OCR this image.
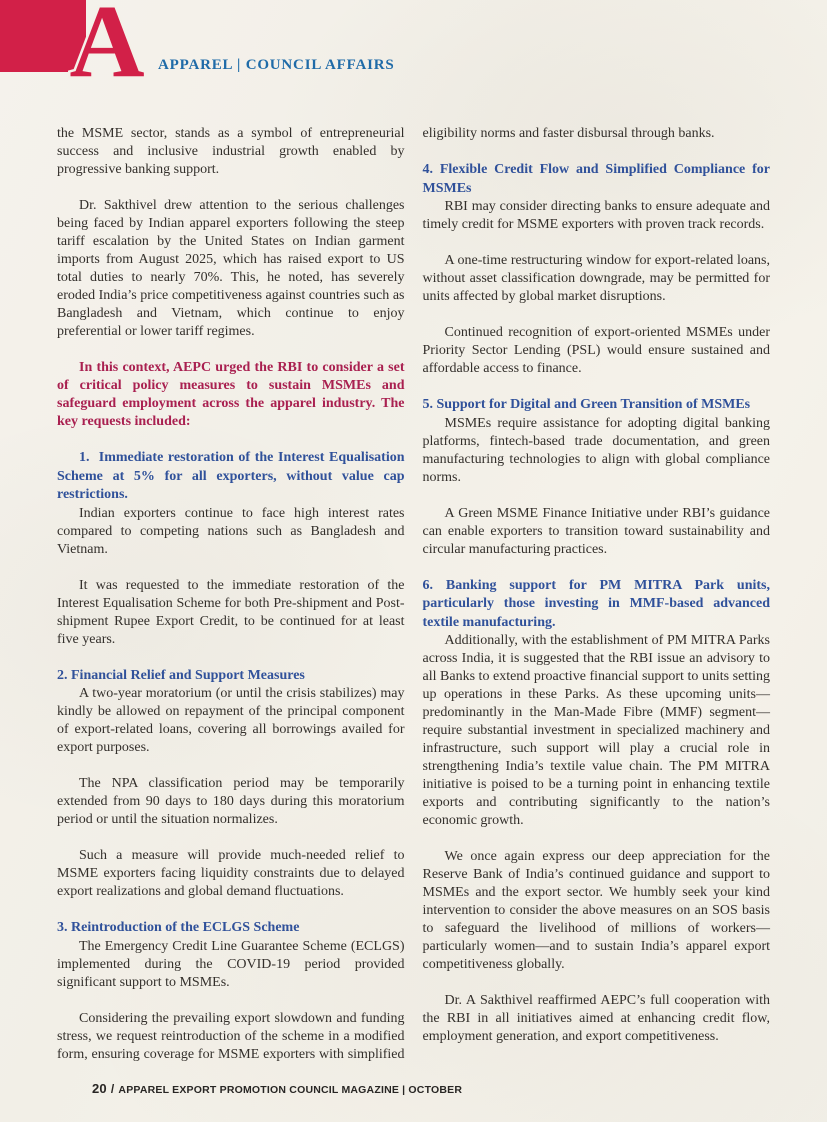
A APPAREL | COUNCIL AFFAIRS

the MSME sector, stands as a symbol of entrepreneurial success and inclusive industrial growth enabled by progressive banking support.

Dr. Sakthivel drew attention to the serious challenges being faced by Indian apparel exporters following the steep tariff escalation by the United States on Indian garment imports from August 2025, which has raised export to US total duties to nearly 70%. This, he noted, has severely eroded India’s price competitiveness against countries such as Bangladesh and Vietnam, which continue to enjoy preferential or lower tariff regimes.

In this context, AEPC urged the RBI to consider a set of critical policy measures to sustain MSMEs and safeguard employment across the apparel industry. The key requests included:

1.  Immediate restoration of the Interest Equalisation Scheme at 5% for all exporters, without value cap restrictions.

Indian exporters continue to face high interest rates compared to competing nations such as Bangladesh and Vietnam.

It was requested to the immediate restoration of the Interest Equalisation Scheme for both Pre-shipment and Post-shipment Rupee Export Credit, to be continued for at least five years.

2. Financial Relief and Support Measures

A two-year moratorium (or until the crisis stabilizes) may kindly be allowed on repayment of the principal component of export-related loans, covering all borrowings availed for export purposes.

The NPA classification period may be temporarily extended from 90 days to 180 days during this moratorium period or until the situation normalizes.

Such a measure will provide much-needed relief to MSME exporters facing liquidity constraints due to delayed export realizations and global demand fluctuations.

3. Reintroduction of the ECLGS Scheme

The Emergency Credit Line Guarantee Scheme (ECLGS) implemented during the COVID-19 period provided significant support to MSMEs.

Considering the prevailing export slowdown and funding stress, we request reintroduction of the scheme in a modified form, ensuring coverage for MSME exporters with simplified

eligibility norms and faster disbursal through banks.

4. Flexible Credit Flow and Simplified Compliance for MSMEs

RBI may consider directing banks to ensure adequate and timely credit for MSME exporters with proven track records.

A one-time restructuring window for export-related loans, without asset classification downgrade, may be permitted for units affected by global market disruptions.

Continued recognition of export-oriented MSMEs under Priority Sector Lending (PSL) would ensure sustained and affordable access to finance.

5. Support for Digital and Green Transition of MSMEs

MSMEs require assistance for adopting digital banking platforms, fintech-based trade documentation, and green manufacturing technologies to align with global compliance norms.

A Green MSME Finance Initiative under RBI’s guidance can enable exporters to transition toward sustainability and circular manufacturing practices.

6. Banking support for PM MITRA Park units, particularly those investing in MMF-based advanced textile manufacturing.

Additionally, with the establishment of PM MITRA Parks across India, it is suggested that the RBI issue an advisory to all Banks to extend proactive financial support to units setting up operations in these Parks. As these upcoming units—predominantly in the Man-Made Fibre (MMF) segment—require substantial investment in specialized machinery and infrastructure, such support will play a crucial role in strengthening India’s textile value chain. The PM MITRA initiative is poised to be a turning point in enhancing textile exports and contributing significantly to the nation’s economic growth.

We once again express our deep appreciation for the Reserve Bank of India’s continued guidance and support to MSMEs and the export sector. We humbly seek your kind intervention to consider the above measures on an SOS basis to safeguard the livelihood of millions of workers—particularly women—and to sustain India’s apparel export competitiveness globally.

Dr. A Sakthivel reaffirmed AEPC’s full cooperation with the RBI in all initiatives aimed at enhancing credit flow, employment generation, and export competitiveness.

20 / APPAREL EXPORT PROMOTION COUNCIL MAGAZINE | OCTOBER
